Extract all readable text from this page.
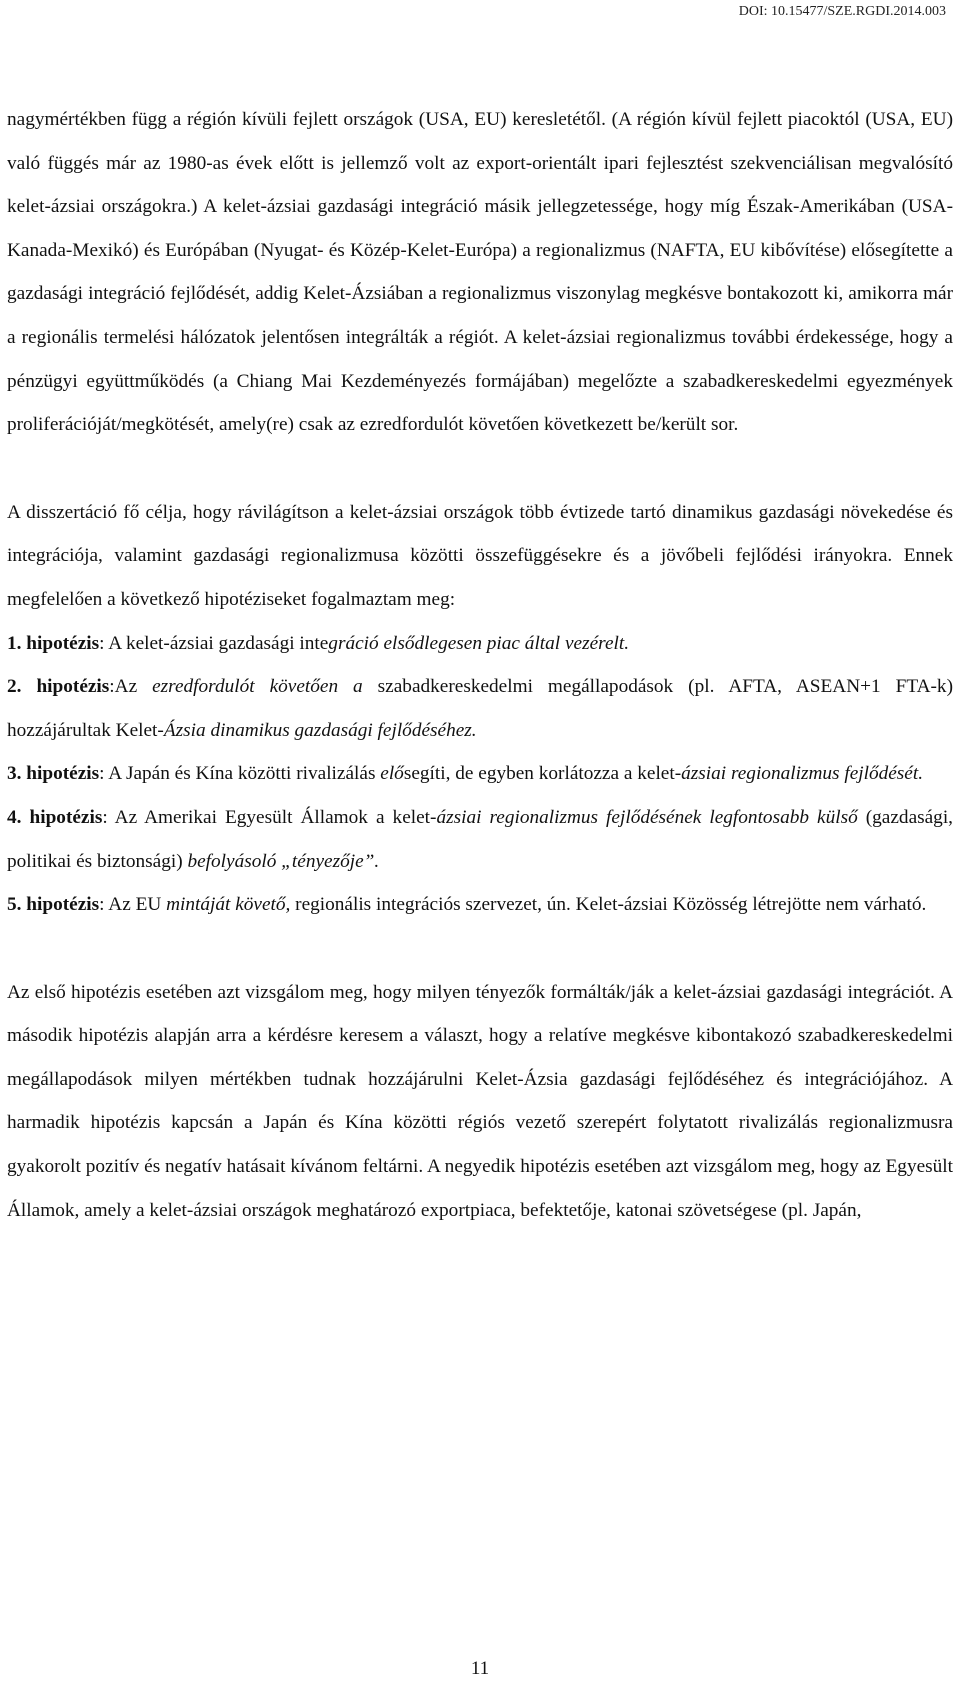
DOI: 10.15477/SZE.RGDI.2014.003

nagymértékben függ a régión kívüli fejlett országok (USA, EU) keresletétől. (A régión kívül fejlett piacoktól (USA, EU) való függés már az 1980-as évek előtt is jellemző volt az export-orientált ipari fejlesztést szekvenciálisan megvalósító kelet-ázsiai országokra.) A kelet-ázsiai gazdasági integráció másik jellegzetessége, hogy míg Észak-Amerikában (USA-Kanada-Mexikó) és Európában (Nyugat- és Közép-Kelet-Európa) a regionalizmus (NAFTA, EU kibővítése) elősegítette a gazdasági integráció fejlődését, addig Kelet-Ázsiában a regionalizmus viszonylag megkésve bontakozott ki, amikorra már a regionális termelési hálózatok jelentősen integrálták a régiót. A kelet-ázsiai regionalizmus további érdekessége, hogy a pénzügyi együttműködés (a Chiang Mai Kezdeményezés formájában) megelőzte a szabadkereskedelmi egyezmények proliferációját/megkötését, amely(re) csak az ezredfordulót követően következett be/került sor.

A disszertáció fő célja, hogy rávilágítson a kelet-ázsiai országok több évtizede tartó dinamikus gazdasági növekedése és integrációja, valamint gazdasági regionalizmusa közötti összefüggésekre és a jövőbeli fejlődési irányokra. Ennek megfelelően a következő hipotéziseket fogalmaztam meg:

1. hipotézis: A kelet-ázsiai gazdasági integráció elsődlegesen piac által vezérelt.

2. hipotézis:Az ezredfordulót követően a szabadkereskedelmi megállapodások (pl. AFTA, ASEAN+1 FTA-k) hozzájárultak Kelet-Ázsia dinamikus gazdasági fejlődéséhez.

3. hipotézis: A Japán és Kína közötti rivalizálás elősegíti, de egyben korlátozza a kelet-ázsiai regionalizmus fejlődését.

4. hipotézis: Az Amerikai Egyesült Államok a kelet-ázsiai regionalizmus fejlődésének legfontosabb külső (gazdasági, politikai és biztonsági) befolyásoló „tényezője”.

5. hipotézis: Az EU mintáját követő, regionális integrációs szervezet, ún. Kelet-ázsiai Közösség létrejötte nem várható.

Az első hipotézis esetében azt vizsgálom meg, hogy milyen tényezők formálták/ják a kelet-ázsiai gazdasági integrációt. A második hipotézis alapján arra a kérdésre keresem a választ, hogy a relatíve megkésve kibontakozó szabadkereskedelmi megállapodások milyen mértékben tudnak hozzájárulni Kelet-Ázsia gazdasági fejlődéséhez és integrációjához. A harmadik hipotézis kapcsán a Japán és Kína közötti régiós vezető szerepért folytatott rivalizálás regionalizmusra gyakorolt pozitív és negatív hatásait kívánom feltárni. A negyedik hipotézis esetében azt vizsgálom meg, hogy az Egyesült Államok, amely a kelet-ázsiai országok meghatározó exportpiaca, befektetője, katonai szövetségese (pl. Japán,

11
